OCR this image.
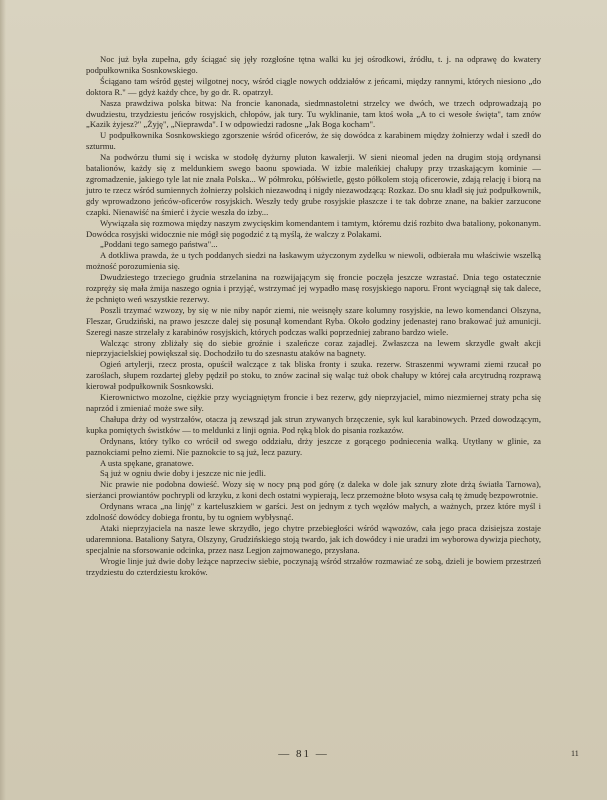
Noc już była zupełna, gdy ściągać się jęły rozgłośne tętna walki ku jej ośrodkowi, źródłu, t. j. na odprawę do kwatery podpułkownika Sosnkowskiego.

Ściągano tam wśród gęstej wilgotnej nocy, wśród ciągle nowych oddziałów z jeńcami, między rannymi, których niesiono „do doktora R." — gdyż każdy chce, by go dr. R. opatrzył.

Nasza prawdziwa polska bitwa: Na froncie kanonada, siedmnastoletni strzelcy we dwóch, we trzech odprowadzają po dwudziestu, trzydziestu jeńców rosyjskich, chłopów, jak tury. Tu wyklinanie, tam ktoś woła „A to ci wesołe święta", tam znów „Kazik żyjesz?" „Żyję", „Nieprawda". I w odpowiedzi radosne „Jak Boga kocham".

U podpułkownika Sosnkowskiego zgorszenie wśród oficerów, że się dowódca z karabinem między żołnierzy wdał i szedł do szturmu.

Na podwórzu tłumi się i wciska w stodołę dyżurny pluton kawalerji. W sieni nieomal jeden na drugim stoją ordynansi batalionów, każdy się z meldunkiem swego baonu spowiada. W izbie maleńkiej chałupy przy trzaskającym kominie — zgromadzenie, jakiego tyle lat nie znała Polska... W półmroku, półświetle, gęsto półkolem stoją oficerowie, zdają relację i biorą na jutro te rzecz wśród sumiennych żołnierzy polskich niezawodną i nigdy niezawodzącą: Rozkaz. Do snu kładł się już podpułkownik, gdy wprowadzono jeńców-oficerów rosyjskich. Weszły tedy grube rosyjskie płaszcze i te tak dobrze znane, na bakier zarzucone czapki. Nienawiść na śmierć i życie weszła do izby...

Wywiązała się rozmowa między naszym zwycięskim komendantem i tamtym, któremu dziś rozbito dwa bataliony, pokonanym. Dowódca rosyjski widocznie nie mógł się pogodzić z tą myślą, że walczy z Polakami.

„Poddani tego samego państwa"...

A dotkliwa prawda, że u tych poddanych siedzi na łaskawym użyczonym zydelku w niewoli, odbierała mu właściwie wszelką możność porozumienia się.

Dwudziestego trzeciego grudnia strzelanina na rozwijającym się froncie poczęła jeszcze wzrastać. Dnia tego ostatecznie rozpręży się mała żmija naszego ognia i przyjąć, wstrzymać jej wypadło masę rosyjskiego naporu. Front wyciągnął się tak dalece, że pchnięto weń wszystkie rezerwy.

Poszli trzymać wzwozy, by się w nie niby napór ziemi, nie weisnęły szare kolumny rosyjskie, na lewo komendanci Olszyna, Fleszar, Grudziński, na prawo jeszcze dalej się posunął komendant Ryba. Około godziny jedenastej rano brakować już amunicji. Szeregi nasze strzelały z karabinów rosyjskich, których podczas walki poprzedniej zabrano bardzo wiele.

Walcząc strony zbliżały się do siebie groźnie i szaleńcze coraz zajadlej. Zwłaszcza na lewem skrzydle gwałt akcji nieprzyjacielskiej powiększał się. Dochodziło tu do szesnastu ataków na bagnety.

Ogień artylerji, rzecz prosta, opuścił walczące z tak bliska fronty i szuka. rezerw. Straszenmi wywrami ziemi rzucał po zaroślach, słupem rozdartej gleby pędził po stoku, to znów zacinał się waląc tuż obok chałupy w której cała arcytrudną rozprawą kierował podpułkownik Sosnkowski.

Kierownictwo mozolne, ciężkie przy wyciągniętym froncie i bez rezerw, gdy nieprzyjaciel, mimo niezmiernej straty pcha się naprzód i zmieniać może swe siły.

Chałupa drży od wystrzałów, otacza ją zewsząd jak strun zrywanych brzęczenie, syk kul karabinowych. Przed dowodzącym, kupka pomiętych świstków — to meldunki z linji ognia. Pod ręką blok do pisania rozkazów.

Ordynans, który tylko co wrócił od swego oddziału, drży jeszcze z gorącego podniecenia walką. Utytłany w glinie, za paznokciami pełno ziemi. Nie paznokcie to są już, lecz pazury.

A usta spękane, granatowe.

Są już w ogniu dwie doby i jeszcze nic nie jedli.

Nic prawie nie podobna dowieść. Wozy się w nocy pną pod górę (z daleka w dole jak sznury złote drżą światła Tarnowa), sierżanci prowiantów pochrypli od krzyku, z koni dech ostatni wypierają, lecz przemożne błoto wsysa całą tę żmudę bezpowrotnie.

Ordynans wraca „na linję" z karteluszkiem w garści. Jest on jednym z tych węzłów małych, a ważnych, przez które myśl i zdolność dowódcy dobiega frontu, by tu ogniem wybłysnąć.

Ataki nieprzyjaciela na nasze lewe skrzydło, jego chytre przebiegłości wśród wąwozów, cała jego praca dzisiejsza zostaje udaremniona. Bataliony Satyra, Olszyny, Grudzińskiego stoją twardo, jak ich dowódcy i nie uradzi im wyborowa dywizja piechoty, specjalnie na sforsowanie odcinka, przez nasz Legjon zajmowanego, przysłana.

Wrogie linje już dwie doby leżące naprzeciw siebie, poczynają wśród strzałów rozmawiać ze sobą, dzieli je bowiem przestrzeń trzydziestu do czterdziestu kroków.

— 81 —	11
